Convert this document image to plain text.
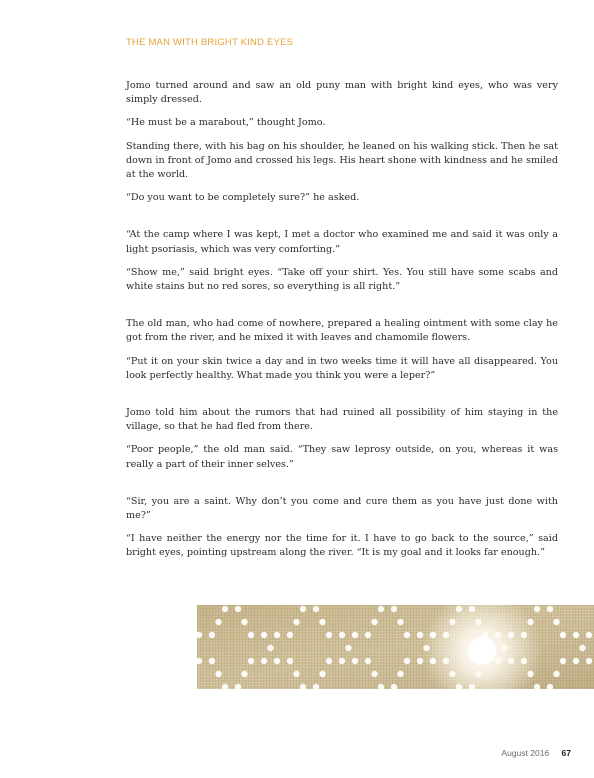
THE MAN WITH BRIGHT KIND EYES

Jomo turned around and saw an old puny man with bright kind eyes, who was very simply dressed.

“He must be a marabout,” thought Jomo.

Standing there, with his bag on his shoulder, he leaned on his walking stick. Then he sat down in front of Jomo and crossed his legs. His heart shone with kindness and he smiled at the world.

“Do you want to be completely sure?” he asked.

“At the camp where I was kept, I met a doctor who examined me and said it was only a light psoriasis, which was very comforting.”

“Show me,” said bright eyes. “Take off your shirt. Yes. You still have some scabs and white stains but no red sores, so everything is all right.”

The old man, who had come of nowhere, prepared a healing ointment with some clay he got from the river, and he mixed it with leaves and chamomile flowers.

“Put it on your skin twice a day and in two weeks time it will have all disappeared. You look perfectly healthy. What made you think you were a leper?”

Jomo told him about the rumors that had ruined all possibility of him staying in the village, so that he had fled from there.

“Poor people,” the old man said. “They saw leprosy outside, on you, whereas it was really a part of their inner selves.”

“Sir, you are a saint. Why don’t you come and cure them as you have just done with me?”

“I have neither the energy nor the time for it. I have to go back to the source,” said bright eyes, pointing upstream along the river. “It is my goal and it looks far enough.”

August 2016 67
